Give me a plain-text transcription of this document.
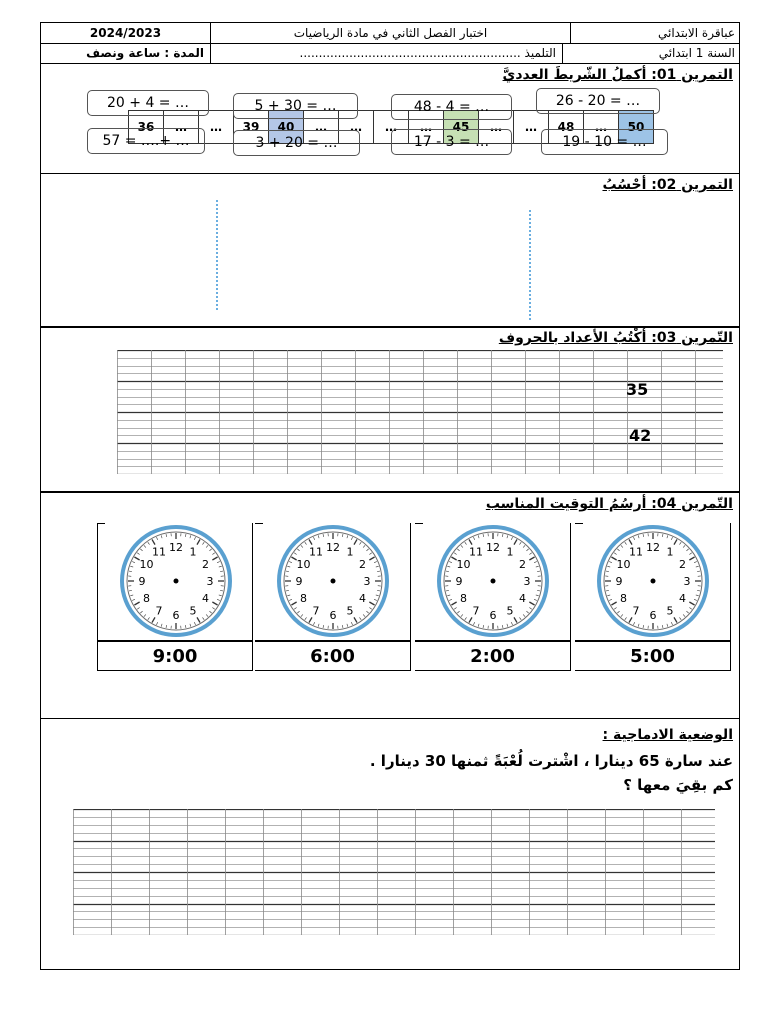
2024/2023	اختبار الفصل الثاني في مادة الرياضيات	عباقرة الابتدائي
المدة : ساعة ونصف	التلميذ ..........................................................	السنة 1 ابتدائي
التمرين 01: أكملُ الشّريطَ العدديَّ
36	…	…	39	40	…	…	…	…	45	…	…	48	…	50
التمرين 02: أحْسُبُ
20 + 4 = …
57 = ….+ …
5 + 30 = …
3 + 20 = …
48 - 4 = …
17 - 3 = …
26 - 20 = …
19 - 10 = …
التّمرين 03: أكْتُبُ الأعداد بالحروف
35
42
التّمرين 04: أرسُمُ التوقيت المناسب
12 1
2
3
4
5
6
7
8
9
10
11
9:00
12 1
2
3
4
5
6
7
8
9
10
11
6:00
12 1
2
3
4
5
6
7
8
9
10
11
2:00
12 1
2
3
4
5
6
7
8
9
10
11
5:00
الوضعية الادماجية :
عند سارة 65 دينارا ، اشْترت لُعْبَةً ثمنها 30 دينارا .
كم بقِيَ معها ؟
